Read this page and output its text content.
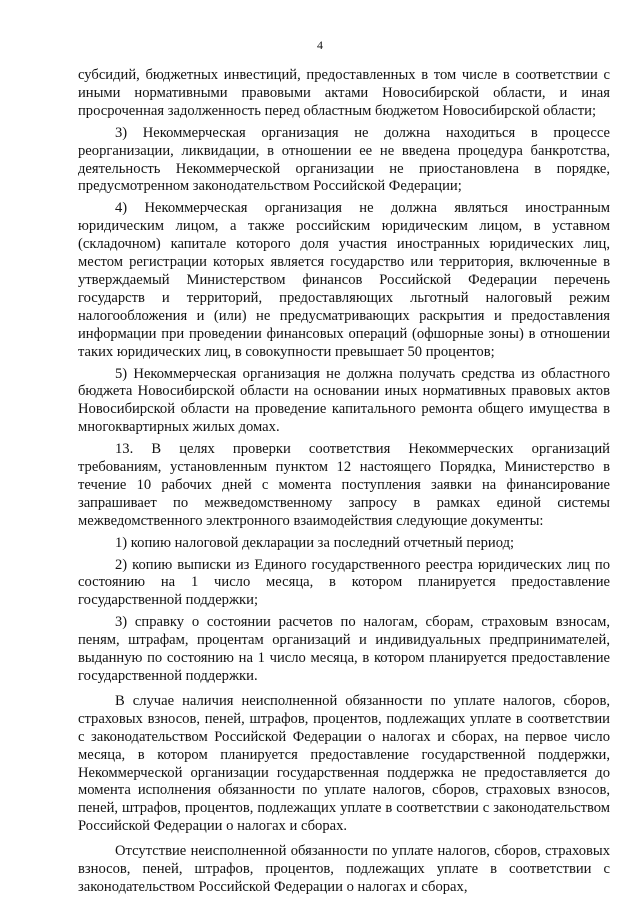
4

субсидий, бюджетных инвестиций, предоставленных в том числе в соответствии с иными нормативными правовыми актами Новосибирской области, и иная просроченная задолженность перед областным бюджетом Новосибирской области;

3) Некоммерческая организация не должна находиться в процессе реорганизации, ликвидации, в отношении ее не введена процедура банкротства, деятельность Некоммерческой организации не приостановлена в порядке, предусмотренном законодательством Российской Федерации;

4) Некоммерческая организация не должна являться иностранным юридическим лицом, а также российским юридическим лицом, в уставном (складочном) капитале которого доля участия иностранных юридических лиц, местом регистрации которых является государство или территория, включенные в утверждаемый Министерством финансов Российской Федерации перечень государств и территорий, предоставляющих льготный налоговый режим налогообложения и (или) не предусматривающих раскрытия и предоставления информации при проведении финансовых операций (офшорные зоны) в отношении таких юридических лиц, в совокупности превышает 50 процентов;

5) Некоммерческая организация не должна получать средства из областного бюджета Новосибирской области на основании иных нормативных правовых актов Новосибирской области на проведение капитального ремонта общего имущества в многоквартирных жилых домах.

13. В целях проверки соответствия Некоммерческих организаций требованиям, установленным пунктом 12 настоящего Порядка, Министерство в течение 10 рабочих дней с момента поступления заявки на финансирование запрашивает по межведомственному запросу в рамках единой системы межведомственного электронного взаимодействия следующие документы:

1) копию налоговой декларации за последний отчетный период;

2) копию выписки из Единого государственного реестра юридических лиц по состоянию на 1 число месяца, в котором планируется предоставление государственной поддержки;

3) справку о состоянии расчетов по налогам, сборам, страховым взносам, пеням, штрафам, процентам организаций и индивидуальных предпринимателей, выданную по состоянию на 1 число месяца, в котором планируется предоставление государственной поддержки.

В случае наличия неисполненной обязанности по уплате налогов, сборов, страховых взносов, пеней, штрафов, процентов, подлежащих уплате в соответствии с законодательством Российской Федерации о налогах и сборах, на первое число месяца, в котором планируется предоставление государственной поддержки, Некоммерческой организации государственная поддержка не предоставляется до момента исполнения обязанности по уплате налогов, сборов, страховых взносов, пеней, штрафов, процентов, подлежащих уплате в соответствии с законодательством Российской Федерации о налогах и сборах.

Отсутствие неисполненной обязанности по уплате налогов, сборов, страховых взносов, пеней, штрафов, процентов, подлежащих уплате в соответствии с законодательством Российской Федерации о налогах и сборах,
